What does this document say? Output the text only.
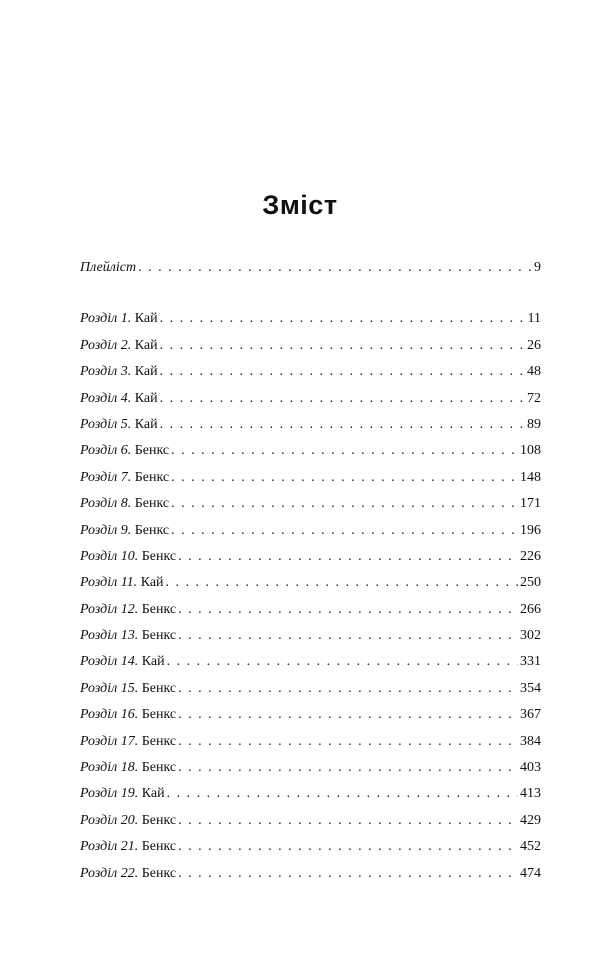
Зміст
Плейліст . . .	9
Розділ 1. Кай . . .	11
Розділ 2. Кай . . .	26
Розділ 3. Кай . . .	48
Розділ 4. Кай . . .	72
Розділ 5. Кай . . .	89
Розділ 6. Бенкс . . .	108
Розділ 7. Бенкс . . .	148
Розділ 8. Бенкс . . .	171
Розділ 9. Бенкс . . .	196
Розділ 10. Бенкс . . .	226
Розділ 11. Кай . . .	250
Розділ 12. Бенкс . . .	266
Розділ 13. Бенкс . . .	302
Розділ 14. Кай . . .	331
Розділ 15. Бенкс . . .	354
Розділ 16. Бенкс . . .	367
Розділ 17. Бенкс . . .	384
Розділ 18. Бенкс . . .	403
Розділ 19. Кай . . .	413
Розділ 20. Бенкс . . .	429
Розділ 21. Бенкс . . .	452
Розділ 22. Бенкс . . .	474
